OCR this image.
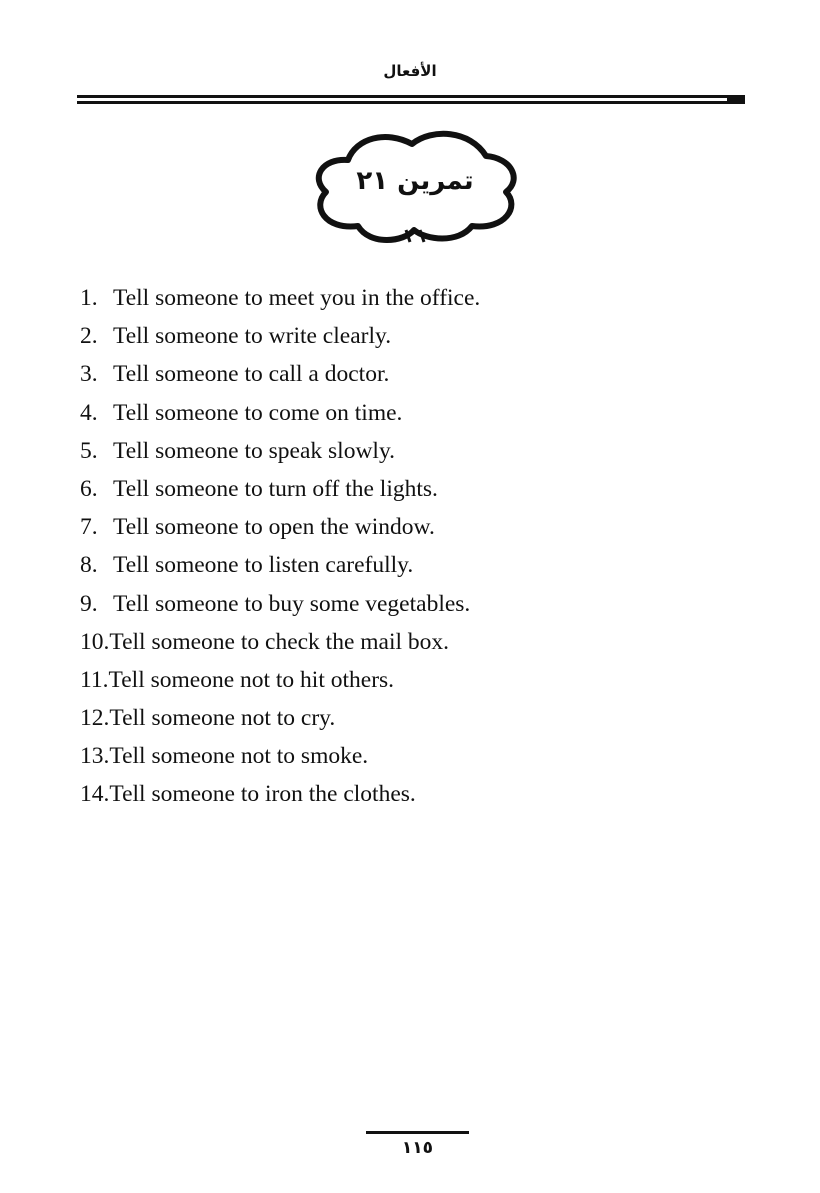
الأفعال
تمرين ٢١
1. Tell someone to meet you in the office.
2. Tell someone to write clearly.
3. Tell someone to call a doctor.
4. Tell someone to come on time.
5. Tell someone to speak slowly.
6. Tell someone to turn off the lights.
7. Tell someone to open the window.
8. Tell someone to listen carefully.
9. Tell someone to buy some vegetables.
10.Tell someone to check the mail box.
11.Tell someone not to hit others.
12.Tell someone not to cry.
13.Tell someone not to smoke.
14.Tell someone to iron the clothes.
١١٥
